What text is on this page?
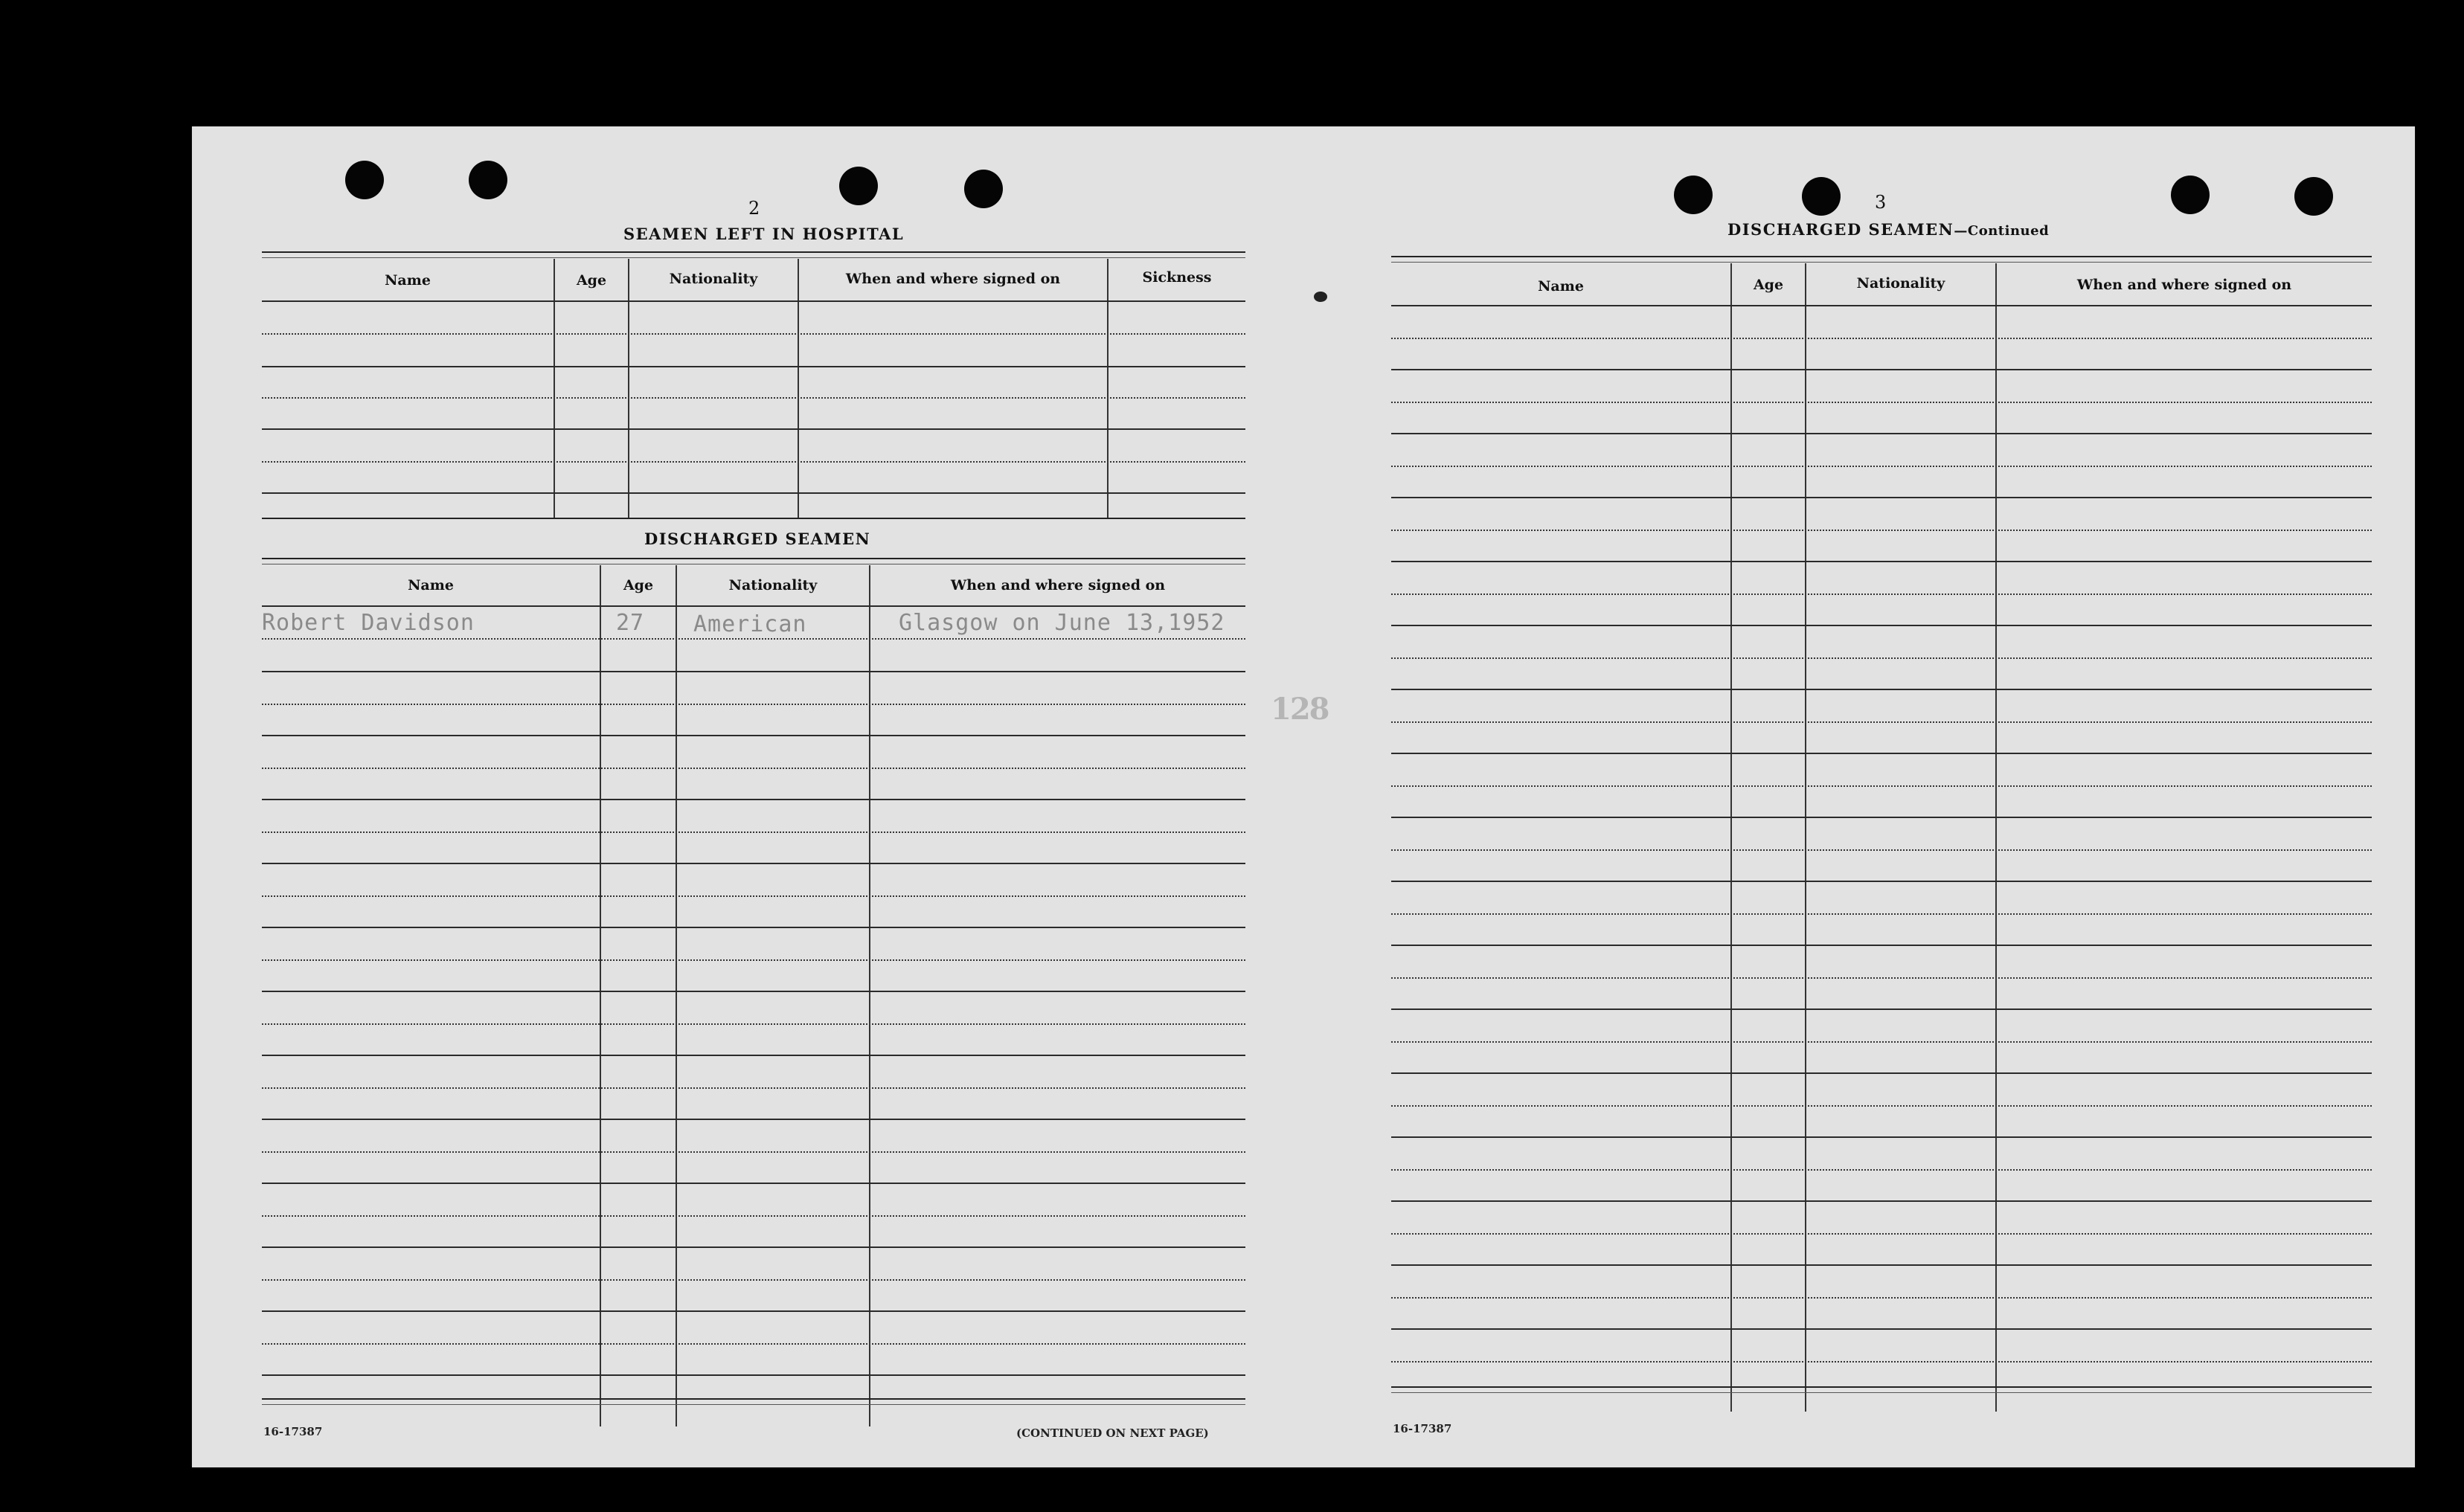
2
SEAMEN LEFT IN HOSPITAL
Name	Age	Nationality	When and where signed on	Sickness
DISCHARGED SEAMEN
Name	Age	Nationality	When and where signed on
Robert Davidson	27 American	Glasgow on June 13,1952
16-17387	(CONTINUED ON NEXT PAGE)
128
3
DISCHARGED SEAMEN—Continued
Name	Age	Nationality	When and where signed on
16-17387
